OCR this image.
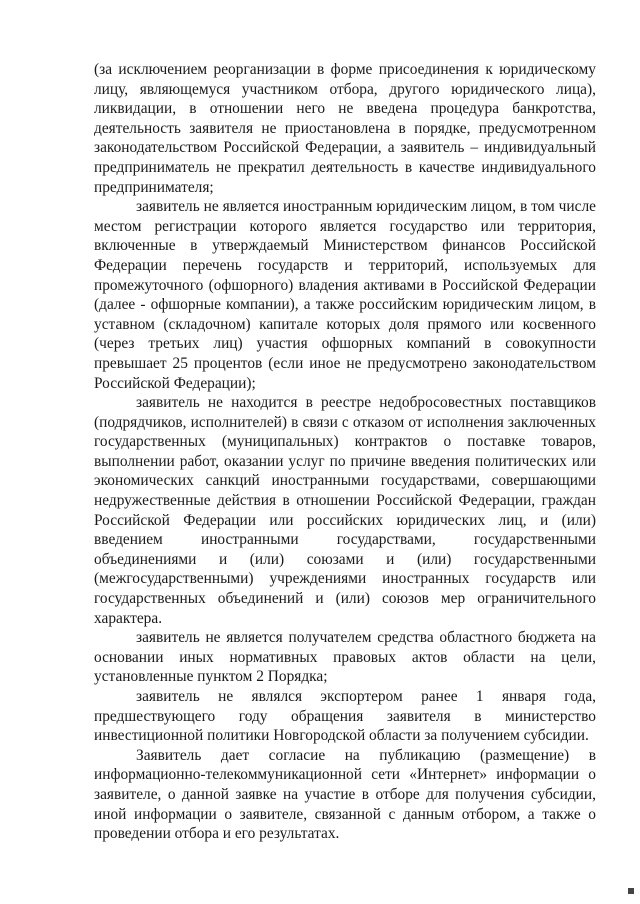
(за исключением реорганизации в форме присоединения к юридическому лицу, являющемуся участником отбора, другого юридического лица), ликвидации, в отношении него не введена процедура банкротства, деятельность заявителя не приостановлена в порядке, предусмотренном законодательством Российской Федерации, а заявитель – индивидуальный предприниматель не прекратил деятельность в качестве индивидуального предпринимателя;

заявитель не является иностранным юридическим лицом, в том числе местом регистрации которого является государство или территория, включенные в утверждаемый Министерством финансов Российской Федерации перечень государств и территорий, используемых для промежуточного (офшорного) владения активами в Российской Федерации (далее - офшорные компании), а также российским юридическим лицом, в уставном (складочном) капитале которых доля прямого или косвенного (через третьих лиц) участия офшорных компаний в совокупности превышает 25 процентов (если иное не предусмотрено законодательством Российской Федерации);

заявитель не находится в реестре недобросовестных поставщиков (подрядчиков, исполнителей) в связи с отказом от исполнения заключенных государственных (муниципальных) контрактов о поставке товаров, выполнении работ, оказании услуг по причине введения политических или экономических санкций иностранными государствами, совершающими недружественные действия в отношении Российской Федерации, граждан Российской Федерации или российских юридических лиц, и (или) введением иностранными государствами, государственными объединениями и (или) союзами и (или) государственными (межгосударственными) учреждениями иностранных государств или государственных объединений и (или) союзов мер ограничительного характера.

заявитель не является получателем средства областного бюджета на основании иных нормативных правовых актов области на цели, установленные пунктом 2 Порядка;

заявитель не являлся экспортером ранее 1 января года, предшествующего году обращения заявителя в министерство инвестиционной политики Новгородской области за получением субсидии.

Заявитель дает согласие на публикацию (размещение) в информационно-телекоммуникационной сети «Интернет» информации о заявителе, о данной заявке на участие в отборе для получения субсидии, иной информации о заявителе, связанной с данным отбором, а также о проведении отбора и его результатах.
